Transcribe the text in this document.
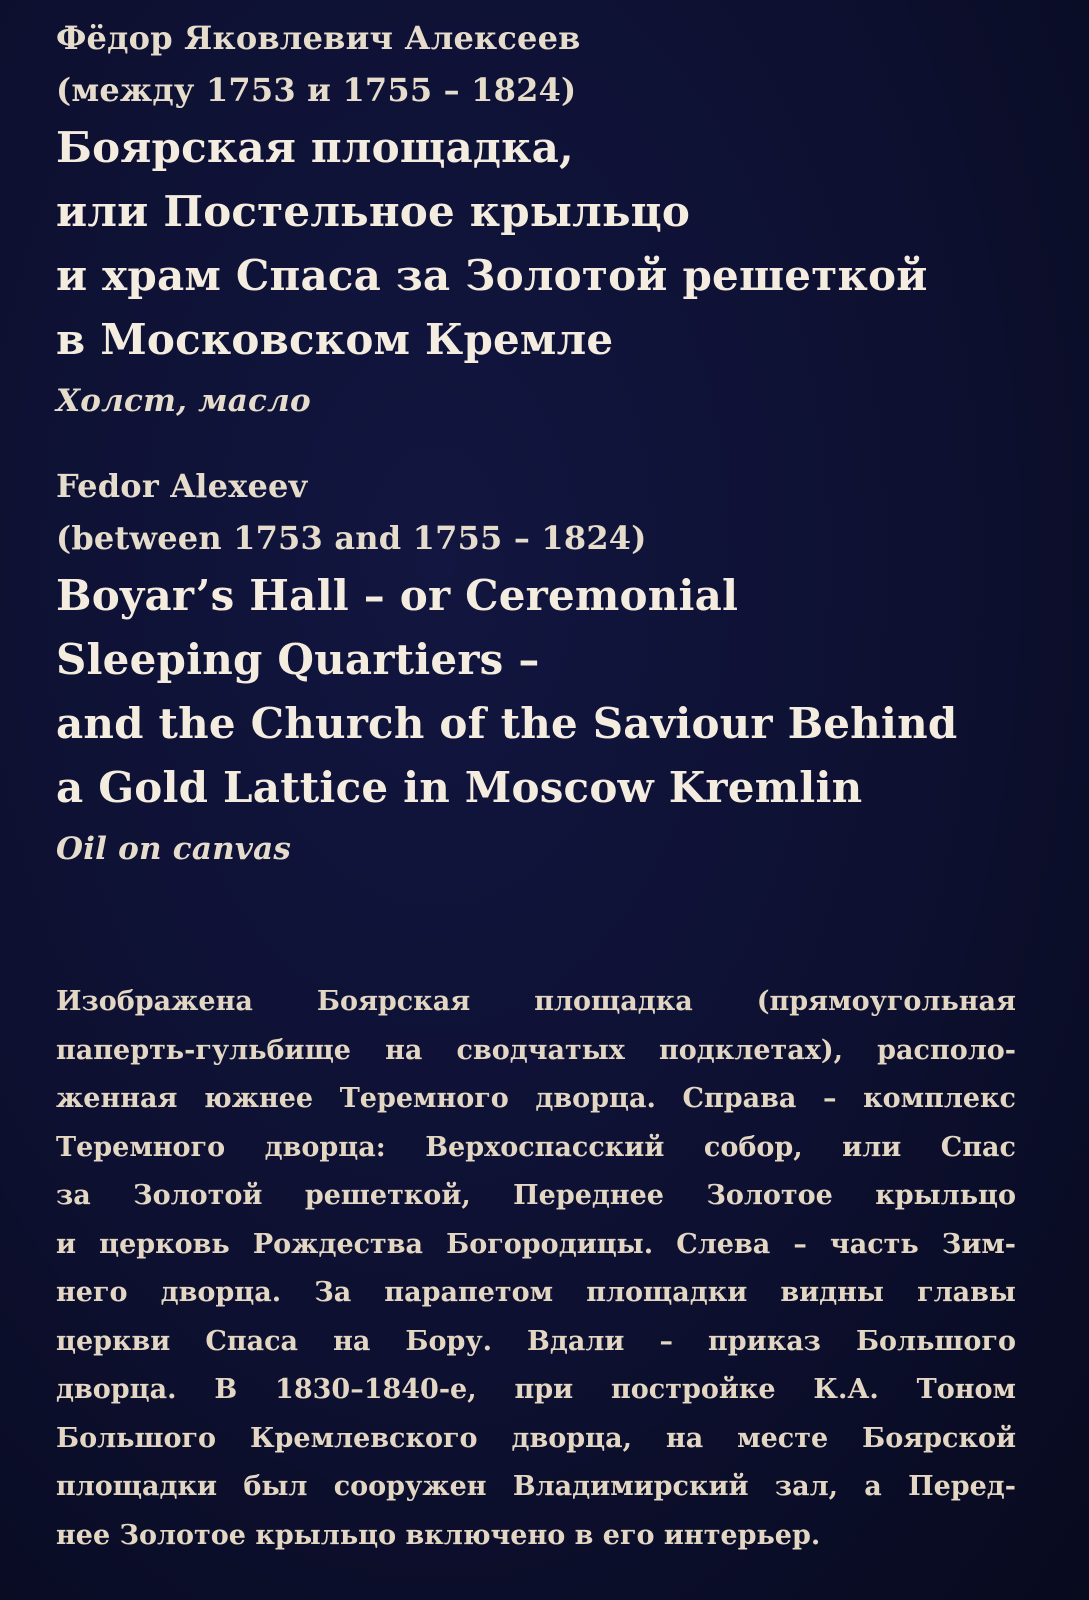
Фёдор Яковлевич Алексеев
(между 1753 и 1755 – 1824)
Боярская площадка,
или Постельное крыльцо
и храм Спаса за Золотой решеткой
в Московском Кремле
Холст, масло
Fedor Alexeev
(between 1753 and 1755 – 1824)
Boyar’s Hall – or Ceremonial
Sleeping Quartiers –
and the Church of the Saviour Behind
a Gold Lattice in Moscow Kremlin
Oil on canvas
Изображена Боярская площадка (прямоугольная
паперть-гульбище на сводчатых подклетах), располо-
женная южнее Теремного дворца. Справа – комплекс
Теремного дворца: Верхоспасский собор, или Спас
за Золотой решеткой, Переднее Золотое крыльцо
и церковь Рождества Богородицы. Слева – часть Зим-
него дворца. За парапетом площадки видны главы
церкви Спаса на Бору. Вдали – приказ Большого
дворца. В 1830–1840-е, при постройке К.А. Тоном
Большого Кремлевского дворца, на месте Боярской
площадки был сооружен Владимирский зал, а Перед-
нее Золотое крыльцо включено в его интерьер.
